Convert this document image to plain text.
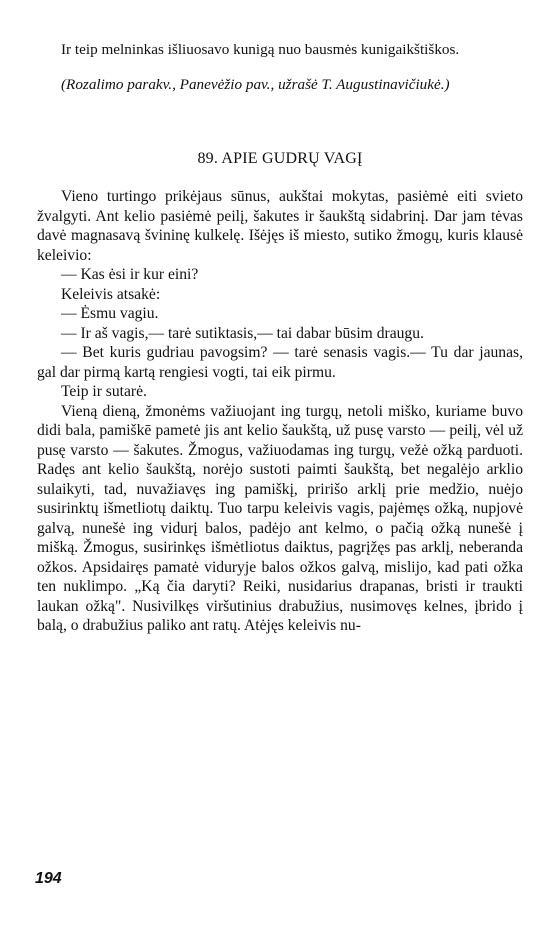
Ir teip melninkas išliuosavo kunigą nuo bausmės kunigaikštiškos.

(Rozalimo parakv., Panevėžio pav., užrašė T. Augustinavičiukė.)

89. APIE GUDRŲ VAGĮ

Vieno turtingo prikėjaus sūnus, aukštai mokytas, pasiėmė eiti svieto žvalgyti. Ant kelio pasiėmė peilį, šakutes ir šaukštą sidabrinį. Dar jam tėvas davė magnasavą švininę kulkelę. Išėjęs iš miesto, sutiko žmogų, kuris klausė keleivio:

— Kas ėsi ir kur eini?

Keleivis atsakė:

— Ėsmu vagiu.

— Ir aš vagis,— tarė sutiktasis,— tai dabar būsim draugu.

— Bet kuris gudriau pavogsim? — tarė senasis vagis.— Tu dar jaunas, gal dar pirmą kartą rengiesi vogti, tai eik pirmu.

Teip ir sutarė.

Vieną dieną, žmonėms važiuojant ing turgų, netoli miško, kuriame buvo didi bala, pamiškē pametė jis ant kelio šaukštą, už pusę varsto — peilį, vėl už pusę varsto — šakutes. Žmogus, važiuodamas ing turgų, vežė ožką parduoti. Radęs ant kelio šaukštą, norėjo sustoti paimti šaukštą, bet negalėjo arklio sulaikyti, tad, nuvažiavęs ing pamiškį, pririšo arklį prie medžio, nuėjo susirinktų išmetliotų daiktų. Tuo tarpu keleivis vagis, pajėmęs ožką, nupjovė galvą, nunešė ing vidurį balos, padėjo ant kelmo, o pačią ožką nunešė į mišką. Žmogus, susirinkęs išmėtliotus daiktus, pagrįžęs pas arklį, neberanda ožkos. Apsidairęs pamatė viduryje balos ožkos galvą, mislijo, kad pati ožka ten nuklimpo. „Ką čia daryti? Reiki, nusidarius drapanas, bristi ir traukti laukan ožką". Nusivilkęs viršutinius drabužius, nusimovęs kelnes, įbrido į balą, o drabužius paliko ant ratų. Atėjęs keleivis nu-

194
